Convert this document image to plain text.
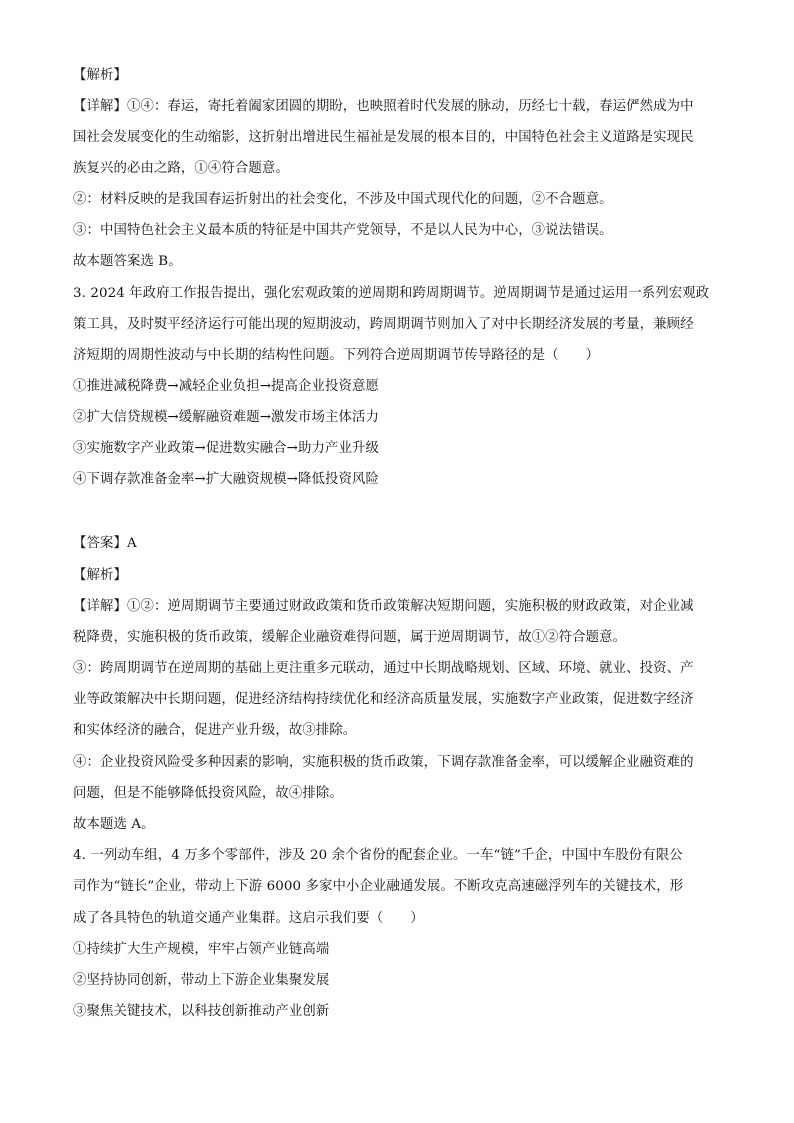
【解析】
【详解】①④：春运，寄托着阖家团圆的期盼，也映照着时代发展的脉动，历经七十载，春运俨然成为中
国社会发展变化的生动缩影，这折射出增进民生福祉是发展的根本目的，中国特色社会主义道路是实现民
族复兴的必由之路，①④符合题意。
②：材料反映的是我国春运折射出的社会变化，不涉及中国式现代化的问题，②不合题意。
③：中国特色社会主义最本质的特征是中国共产党领导，不是以人民为中心，③说法错误。
故本题答案选 B。
3. 2024 年政府工作报告提出，强化宏观政策的逆周期和跨周期调节。逆周期调节是通过运用一系列宏观政
策工具，及时熨平经济运行可能出现的短期波动，跨周期调节则加入了对中长期经济发展的考量，兼顾经
济短期的周期性波动与中长期的结构性问题。下列符合逆周期调节传导路径的是（　　）
①推进减税降费→减轻企业负担→提高企业投资意愿
②扩大信贷规模→缓解融资难题→激发市场主体活力
③实施数字产业政策→促进数实融合→助力产业升级
④下调存款准备金率→扩大融资规模→降低投资风险
【答案】A
【解析】
【详解】①②：逆周期调节主要通过财政政策和货币政策解决短期问题，实施积极的财政政策，对企业减
税降费，实施积极的货币政策，缓解企业融资难得问题，属于逆周期调节，故①②符合题意。
③：跨周期调节在逆周期的基础上更注重多元联动，通过中长期战略规划、区域、环境、就业、投资、产
业等政策解决中长期问题，促进经济结构持续优化和经济高质量发展，实施数字产业政策，促进数字经济
和实体经济的融合，促进产业升级，故③排除。
④：企业投资风险受多种因素的影响，实施积极的货币政策，下调存款准备金率，可以缓解企业融资难的
问题，但是不能够降低投资风险，故④排除。
故本题选 A。
4. 一列动车组，4 万多个零部件，涉及 20 余个省份的配套企业。一车“链”千企，中国中车股份有限公
司作为“链长”企业，带动上下游 6000 多家中小企业融通发展。不断攻克高速磁浮列车的关键技术，形
成了各具特色的轨道交通产业集群。这启示我们要（　　）
①持续扩大生产规模，牢牢占领产业链高端
②坚持协同创新，带动上下游企业集聚发展
③聚焦关键技术，以科技创新推动产业创新
